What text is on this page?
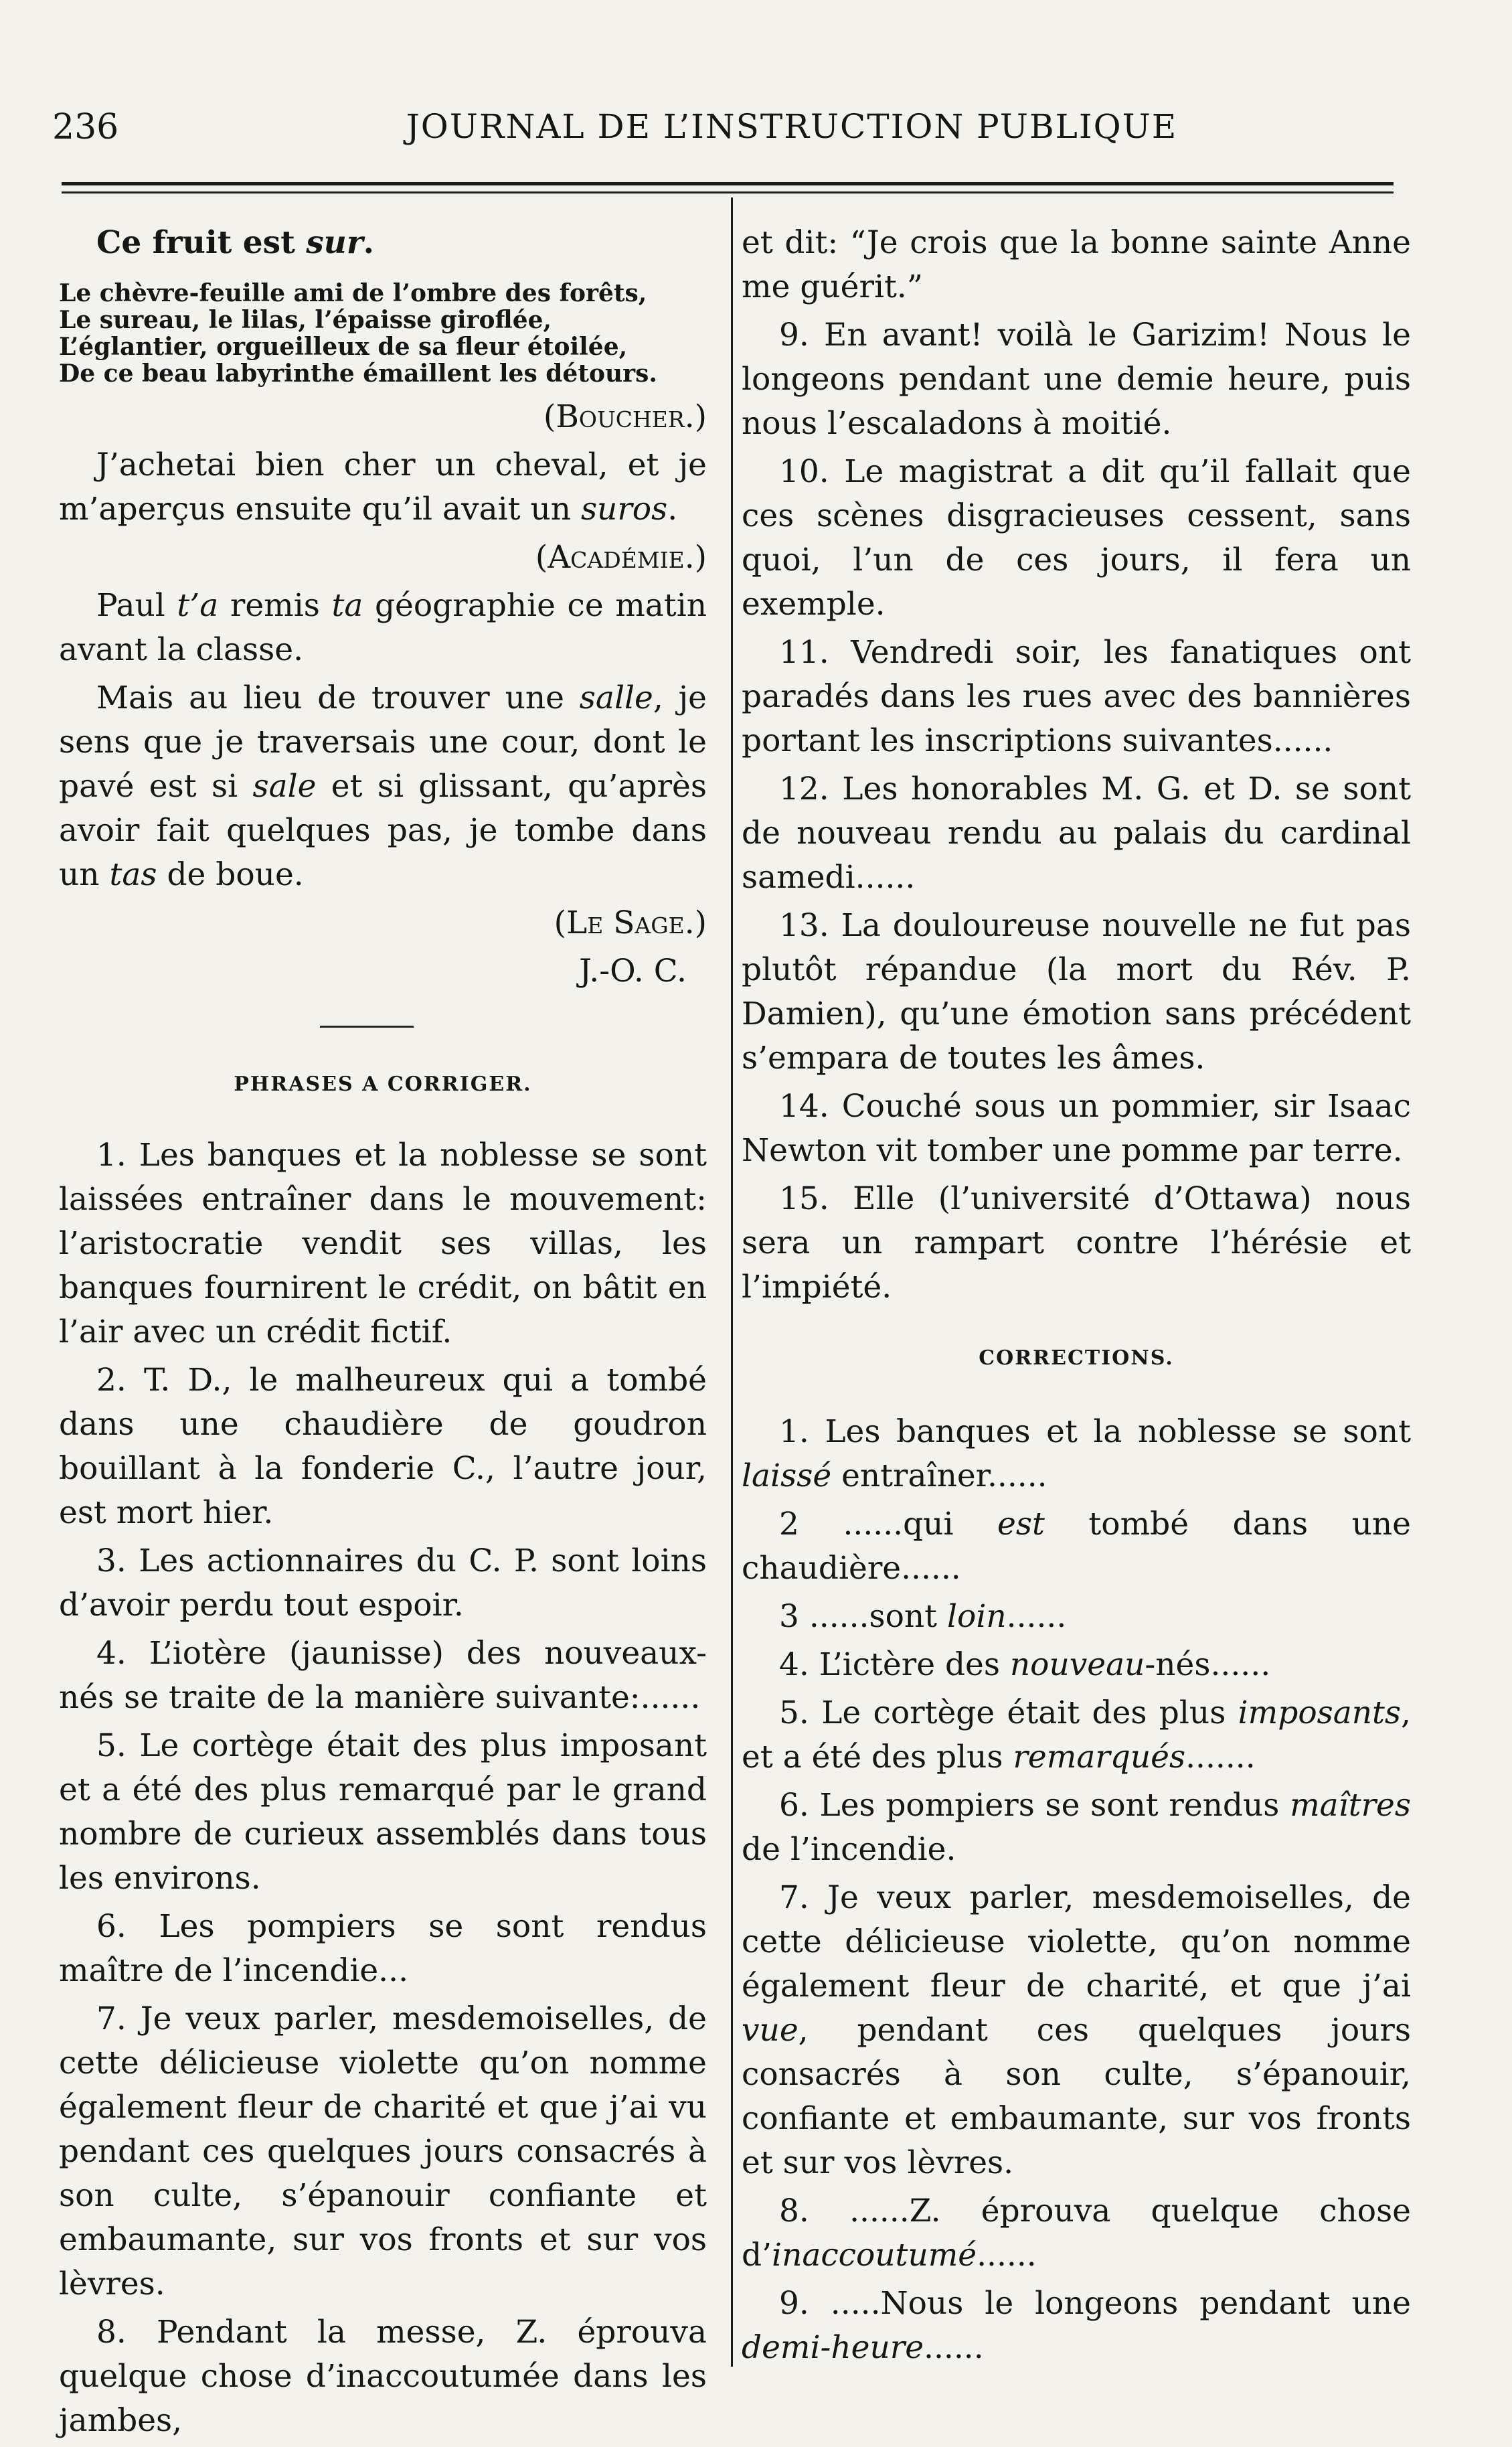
236	JOURNAL DE L’INSTRUCTION PUBLIQUE

Ce fruit est sur.

Le chèvre-feuille ami de l’ombre des forêts,
Le sureau, le lilas, l’épaisse giroflée,
L’églantier, orgueilleux de sa fleur étoilée,
De ce beau labyrinthe émaillent les détours.
(Boucher.)

J’achetai bien cher un cheval, et je m’aperçus ensuite qu’il avait un suros.

(Académie.)

Paul t’a remis ta géographie ce matin avant la classe.

Mais au lieu de trouver une salle, je sens que je traversais une cour, dont le pavé est si sale et si glissant, qu’après avoir fait quelques pas, je tombe dans un tas de boue.

(Le Sage.)
J.-O. C.
PHRASES A CORRIGER.

1. Les banques et la noblesse se sont laissées entraîner dans le mouvement: l’aristocratie vendit ses villas, les banques fournirent le crédit, on bâtit en l’air avec un crédit fictif.

2. T. D., le malheureux qui a tombé dans une chaudière de goudron bouillant à la fonderie C., l’autre jour, est mort hier.

3. Les actionnaires du C. P. sont loins d’avoir perdu tout espoir.

4. L’iotère (jaunisse) des nouveaux-nés se traite de la manière suivante:......

5. Le cortège était des plus imposant et a été des plus remarqué par le grand nombre de curieux assemblés dans tous les environs.

6. Les pompiers se sont rendus maître de l’incendie...

7. Je veux parler, mesdemoiselles, de cette délicieuse violette qu’on nomme également fleur de charité et que j’ai vu pendant ces quelques jours consacrés à son culte, s’épanouir confiante et embaumante, sur vos fronts et sur vos lèvres.

8. Pendant la messe, Z. éprouva quelque chose d’inaccoutumée dans les jambes,

et dit: “Je crois que la bonne sainte Anne me guérit.”

9. En avant! voilà le Garizim! Nous le longeons pendant une demie heure, puis nous l’escaladons à moitié.

10. Le magistrat a dit qu’il fallait que ces scènes disgracieuses cessent, sans quoi, l’un de ces jours, il fera un exemple.

11. Vendredi soir, les fanatiques ont paradés dans les rues avec des bannières portant les inscriptions suivantes......

12. Les honorables M. G. et D. se sont de nouveau rendu au palais du cardinal samedi......

13. La douloureuse nouvelle ne fut pas plutôt répandue (la mort du Rév. P. Damien), qu’une émotion sans précédent s’empara de toutes les âmes.

14. Couché sous un pommier, sir Isaac Newton vit tomber une pomme par terre.

15. Elle (l’université d’Ottawa) nous sera un rampart contre l’hérésie et l’impiété.

CORRECTIONS.

1. Les banques et la noblesse se sont laissé entraîner......

2 ......qui est tombé dans une chaudière......

3 ......sont loin......

4. L’ictère des nouveau-nés......

5. Le cortège était des plus imposants, et a été des plus remarqués.......

6. Les pompiers se sont rendus maîtres de l’incendie.

7. Je veux parler, mesdemoiselles, de cette délicieuse violette, qu’on nomme également fleur de charité, et que j’ai vue, pendant ces quelques jours consacrés à son culte, s’épanouir, confiante et embaumante, sur vos fronts et sur vos lèvres.

8. ......Z. éprouva quelque chose d’inaccoutumé......

9. .....Nous le longeons pendant une demi-heure......
